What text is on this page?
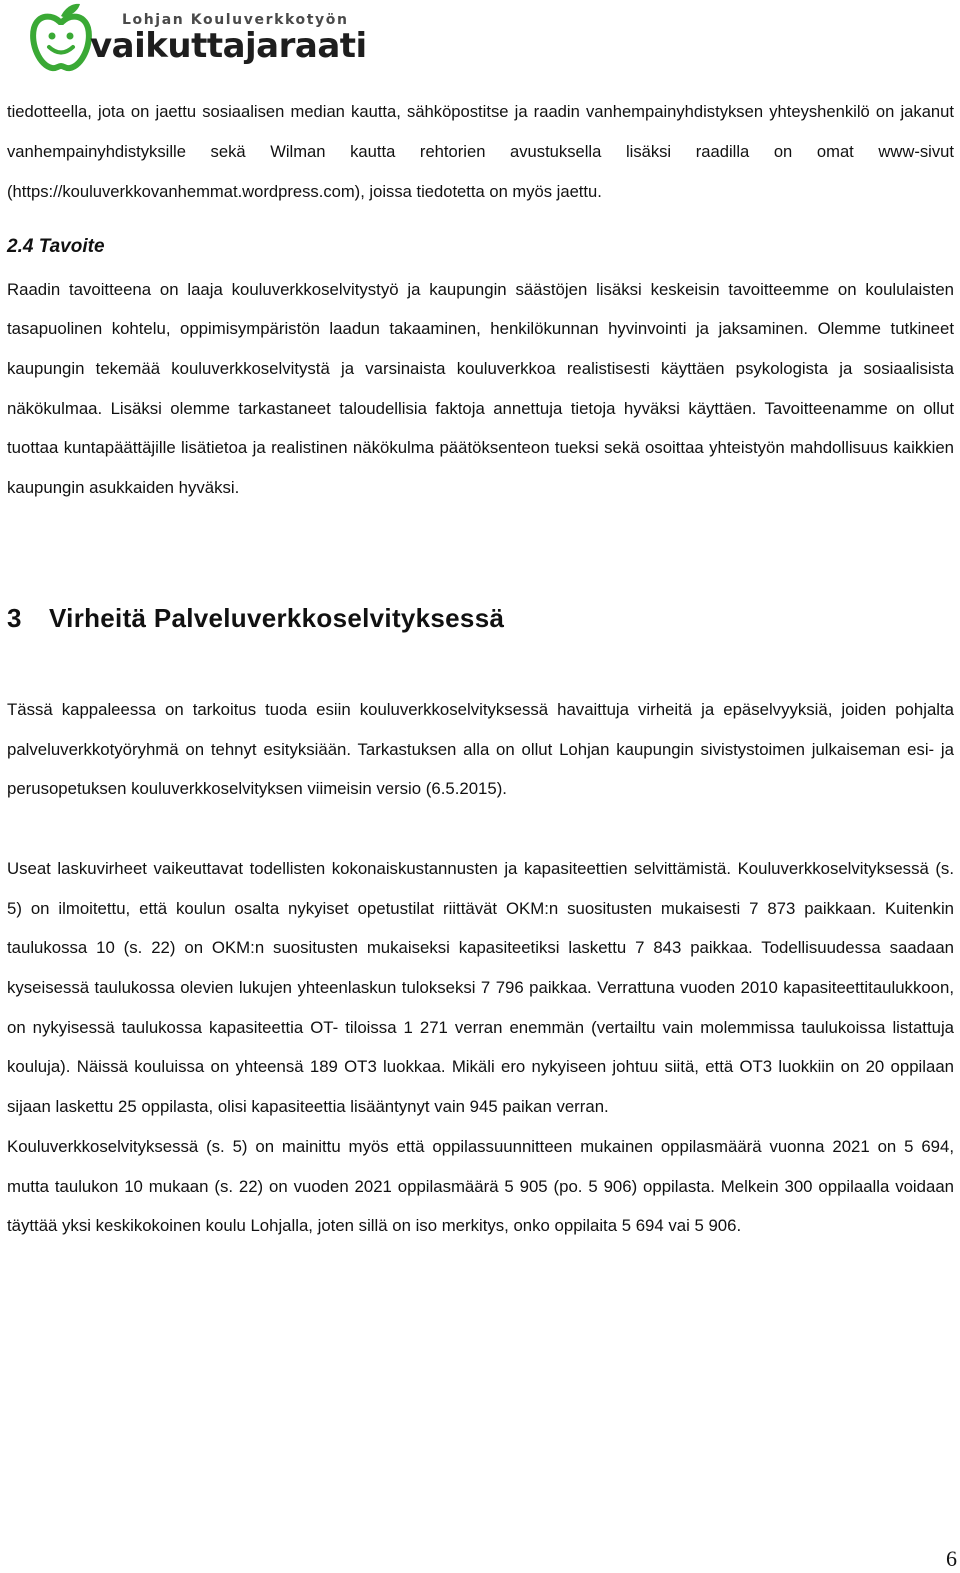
Lohjan Kouluverkkotyön
vaikuttajaraati

tiedotteella, jota on jaettu sosiaalisen median kautta, sähköpostitse ja raadin vanhempainyhdistyksen yhteyshenkilö on jakanut vanhempainyhdistyksille sekä Wilman kautta rehtorien avustuksella lisäksi raadilla on omat www-sivut (https://kouluverkkovanhemmat.wordpress.com), joissa tiedotetta on myös jaettu.

2.4 Tavoite

Raadin tavoitteena on laaja kouluverkkoselvitystyö ja kaupungin säästöjen lisäksi keskeisin tavoitteemme on koululaisten tasapuolinen kohtelu, oppimisympäristön laadun takaaminen, henkilökunnan hyvinvointi ja jaksaminen. Olemme tutkineet kaupungin tekemää kouluverkkoselvitystä ja varsinaista kouluverkkoa realistisesti käyttäen psykologista ja sosiaalisista näkökulmaa. Lisäksi olemme tarkastaneet taloudellisia faktoja annettuja tietoja hyväksi käyttäen. Tavoitteenamme on ollut tuottaa kuntapäättäjille lisätietoa ja realistinen näkökulma päätöksenteon tueksi sekä osoittaa yhteistyön mahdollisuus kaikkien kaupungin asukkaiden hyväksi.

3 Virheitä Palveluverkkoselvityksessä

Tässä kappaleessa on tarkoitus tuoda esiin kouluverkkoselvityksessä havaittuja virheitä ja epäselvyyksiä, joiden pohjalta palveluverkkotyöryhmä on tehnyt esityksiään. Tarkastuksen alla on ollut Lohjan kaupungin sivistystoimen julkaiseman esi- ja perusopetuksen kouluverkkoselvityksen viimeisin versio (6.5.2015).

Useat laskuvirheet vaikeuttavat todellisten kokonaiskustannusten ja kapasiteettien selvittämistä. Kouluverkkoselvityksessä (s. 5) on ilmoitettu, että koulun osalta nykyiset opetustilat riittävät OKM:n suositusten mukaisesti 7 873 paikkaan. Kuitenkin taulukossa 10 (s. 22) on OKM:n suositusten mukaiseksi kapasiteetiksi laskettu 7 843 paikkaa. Todellisuudessa saadaan kyseisessä taulukossa olevien lukujen yhteenlaskun tulokseksi 7 796 paikkaa. Verrattuna vuoden 2010 kapasiteettitaulukkoon, on nykyisessä taulukossa kapasiteettia OT- tiloissa 1 271 verran enemmän (vertailtu vain molemmissa taulukoissa listattuja kouluja). Näissä kouluissa on yhteensä 189 OT3 luokkaa. Mikäli ero nykyiseen johtuu siitä, että OT3 luokkiin on 20 oppilaan sijaan laskettu 25 oppilasta, olisi kapasiteettia lisääntynyt vain 945 paikan verran.

Kouluverkkoselvityksessä (s. 5) on mainittu myös että oppilassuunnitteen mukainen oppilasmäärä vuonna 2021 on 5 694, mutta taulukon 10 mukaan (s. 22) on vuoden 2021 oppilasmäärä 5 905 (po. 5 906) oppilasta. Melkein 300 oppilaalla voidaan täyttää yksi keskikokoinen koulu Lohjalla, joten sillä on iso merkitys, onko oppilaita 5 694 vai 5 906.

6
